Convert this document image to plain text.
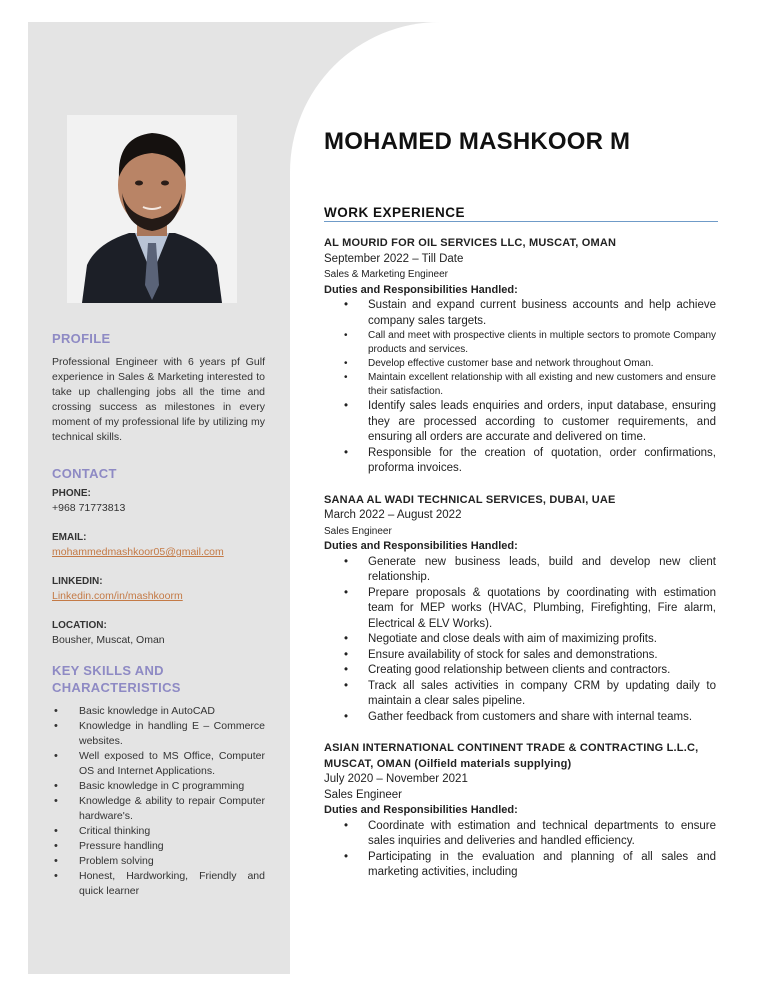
PROFILE
Professional Engineer with 6 years pf Gulf experience in Sales & Marketing interested to take up challenging jobs all the time and crossing success as milestones in every moment of my professional life by utilizing my technical skills.
CONTACT
PHONE:
+968 71773813
EMAIL:
mohammedmashkoor05@gmail.com
LINKEDIN:
Linkedin.com/in/mashkoorm
LOCATION:
Bousher, Muscat, Oman
KEY SKILLS AND
CHARACTERISTICS
• Basic knowledge in AutoCAD
• Knowledge in handling E – Commerce websites.
• Well exposed to MS Office, Computer OS and Internet Applications.
• Basic knowledge in C programming
• Knowledge & ability to repair Computer hardware's.
• Critical thinking
• Pressure handling
• Problem solving
• Honest, Hardworking, Friendly and quick learner
MOHAMED MASHKOOR M
WORK EXPERIENCE
AL MOURID FOR OIL SERVICES LLC, MUSCAT, OMAN
September 2022 – Till Date
Sales & Marketing Engineer
Duties and Responsibilities Handled:
• Sustain and expand current business accounts and help achieve company sales targets.
• Call and meet with prospective clients in multiple sectors to promote Company products and services.
• Develop effective customer base and network throughout Oman.
• Maintain excellent relationship with all existing and new customers and ensure their satisfaction.
• Identify sales leads enquiries and orders, input database, ensuring they are processed according to customer requirements, and ensuring all orders are accurate and delivered on time.
• Responsible for the creation of quotation, order confirmations, proforma invoices.
SANAA AL WADI TECHNICAL SERVICES, DUBAI, UAE
March 2022 – August 2022
Sales Engineer
Duties and Responsibilities Handled:
• Generate new business leads, build and develop new client relationship.
• Prepare proposals & quotations by coordinating with estimation team for MEP works (HVAC, Plumbing, Firefighting, Fire alarm, Electrical & ELV Works).
• Negotiate and close deals with aim of maximizing profits.
• Ensure availability of stock for sales and demonstrations.
• Creating good relationship between clients and contractors.
• Track all sales activities in company CRM by updating daily to maintain a clear sales pipeline.
• Gather feedback from customers and share with internal teams.
ASIAN INTERNATIONAL CONTINENT TRADE & CONTRACTING L.L.C, MUSCAT, OMAN (Oilfield materials supplying)
July 2020 – November 2021
Sales Engineer
Duties and Responsibilities Handled:
• Coordinate with estimation and technical departments to ensure sales inquiries and deliveries and handled efficiency.
• Participating in the evaluation and planning of all sales and marketing activities, including
